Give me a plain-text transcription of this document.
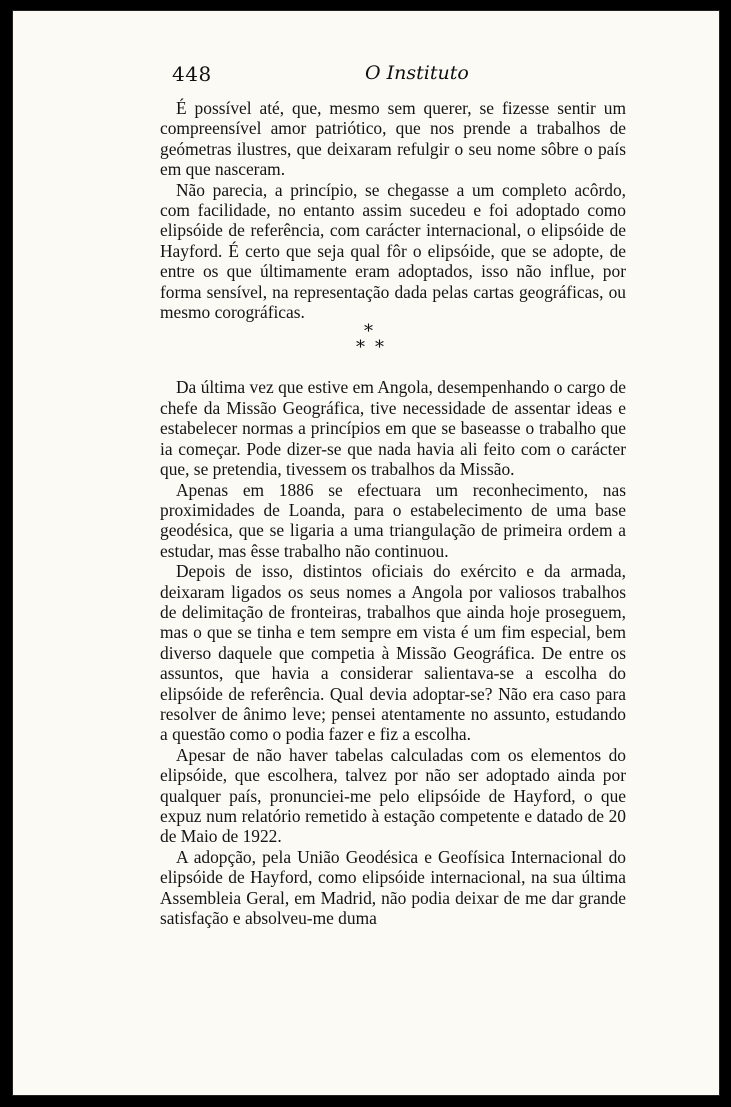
448	O Instituto

É possível até, que, mesmo sem querer, se fizesse sentir um compreensível amor patriótico, que nos prende a trabalhos de geómetras ilustres, que deixaram refulgir o seu nome sôbre o país em que nasceram.

Não parecia, a princípio, se chegasse a um completo acôrdo, com facilidade, no entanto assim sucedeu e foi adoptado como elipsóide de referência, com carácter internacional, o elipsóide de Hayford. É certo que seja qual fôr o elipsóide, que se adopte, de entre os que últimamente eram adoptados, isso não influe, por forma sensível, na representação dada pelas cartas geográficas, ou mesmo corográficas.

*
* *

Da última vez que estive em Angola, desempenhando o cargo de chefe da Missão Geográfica, tive necessidade de assentar ideas e estabelecer normas a princípios em que se baseasse o trabalho que ia começar. Pode dizer-se que nada havia ali feito com o carácter que, se pretendia, tivessem os trabalhos da Missão.

Apenas em 1886 se efectuara um reconhecimento, nas proximidades de Loanda, para o estabelecimento de uma base geodésica, que se ligaria a uma triangulação de primeira ordem a estudar, mas êsse trabalho não continuou.

Depois de isso, distintos oficiais do exército e da armada, deixaram ligados os seus nomes a Angola por valiosos trabalhos de delimitação de fronteiras, trabalhos que ainda hoje proseguem, mas o que se tinha e tem sempre em vista é um fim especial, bem diverso daquele que competia à Missão Geográfica. De entre os assuntos, que havia a considerar salientava-se a escolha do elipsóide de referência. Qual devia adoptar-se? Não era caso para resolver de ânimo leve; pensei atentamente no assunto, estudando a questão como o podia fazer e fiz a escolha.

Apesar de não haver tabelas calculadas com os elementos do elipsóide, que escolhera, talvez por não ser adoptado ainda por qualquer país, pronunciei-me pelo elipsóide de Hayford, o que expuz num relatório remetido à estação competente e datado de 20 de Maio de 1922.

A adopção, pela União Geodésica e Geofísica Internacional do elipsóide de Hayford, como elipsóide internacional, na sua última Assembleia Geral, em Madrid, não podia deixar de me dar grande satisfação e absolveu-me duma
